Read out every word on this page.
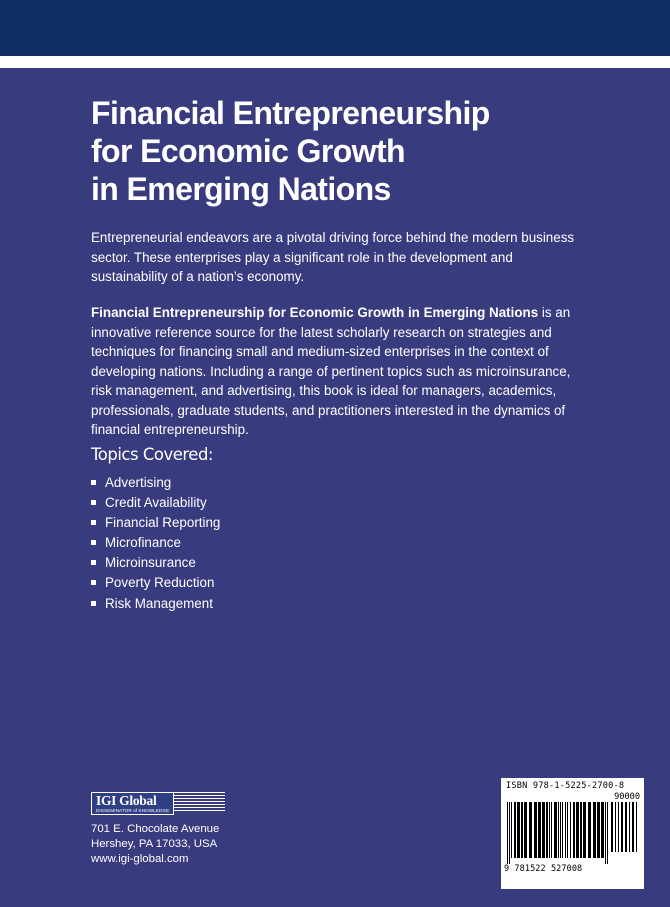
Financial Entrepreneurship
for Economic Growth
in Emerging Nations

Entrepreneurial endeavors are a pivotal driving force behind the modern business sector. These enterprises play a significant role in the development and sustainability of a nation’s economy.

Financial Entrepreneurship for Economic Growth in Emerging Nations is an innovative reference source for the latest scholarly research on strategies and techniques for financing small and medium-sized enterprises in the context of developing nations. Including a range of pertinent topics such as microinsurance, risk management, and advertising, this book is ideal for managers, academics, professionals, graduate students, and practitioners interested in the dynamics of financial entrepreneurship.

Topics Covered:
Advertising
Credit Availability
Financial Reporting
Microfinance
Microinsurance
Poverty Reduction
Risk Management
IGI Global
DISSEMINATOR of KNOWLEDGE

701 E. Chocolate Avenue
Hershey, PA 17033, USA
www.igi-global.com

ISBN 978-1-5225-2700-8

90000

9 781522 527008
